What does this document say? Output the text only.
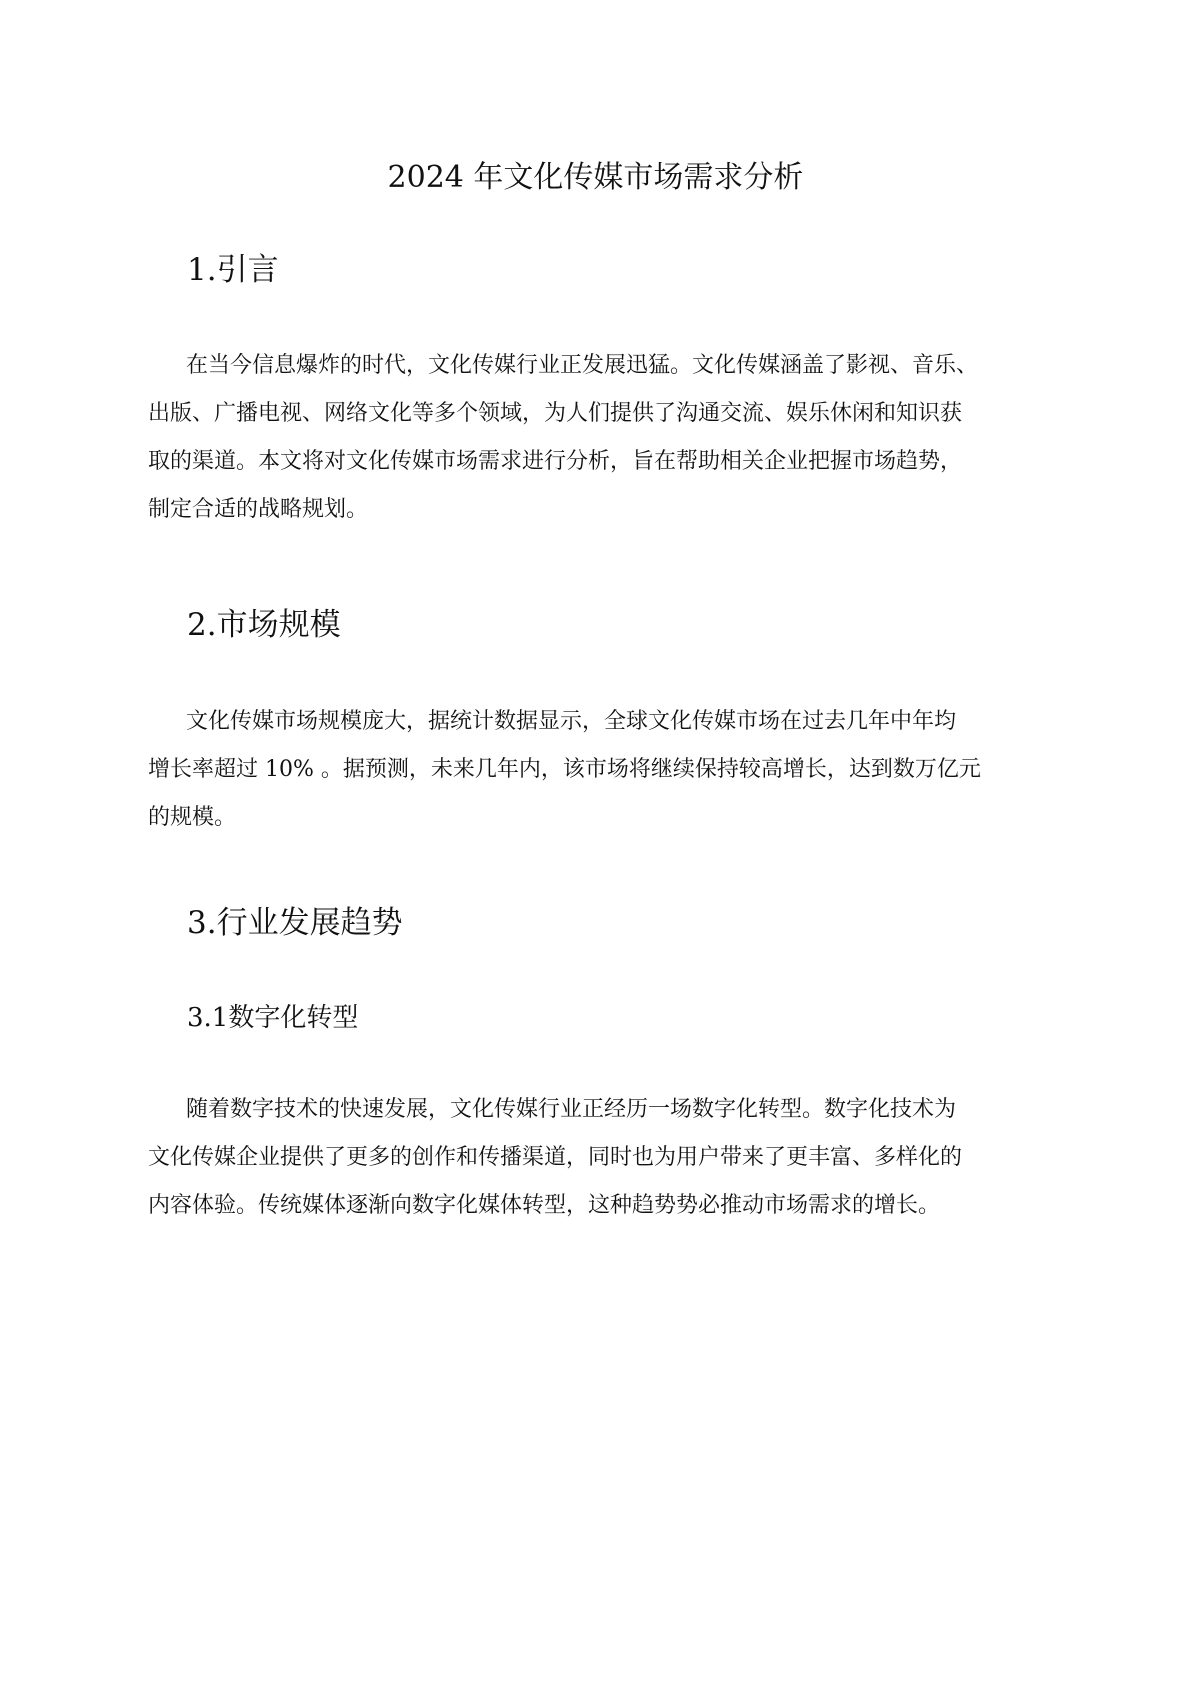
2024 年文化传媒市场需求分析
1.引言
在当今信息爆炸的时代，文化传媒行业正发展迅猛。文化传媒涵盖了影视、音乐、
出版、广播电视、网络文化等多个领域，为人们提供了沟通交流、娱乐休闲和知识获
取的渠道。本文将对文化传媒市场需求进行分析，旨在帮助相关企业把握市场趋势，
制定合适的战略规划。
2.市场规模
文化传媒市场规模庞大，据统计数据显示，全球文化传媒市场在过去几年中年均
增长率超过 10% 。据预测，未来几年内，该市场将继续保持较高增长，达到数万亿元
的规模。
3.行业发展趋势
3.1数字化转型
随着数字技术的快速发展，文化传媒行业正经历一场数字化转型。数字化技术为
文化传媒企业提供了更多的创作和传播渠道，同时也为用户带来了更丰富、多样化的
内容体验。传统媒体逐渐向数字化媒体转型，这种趋势势必推动市场需求的增长。
